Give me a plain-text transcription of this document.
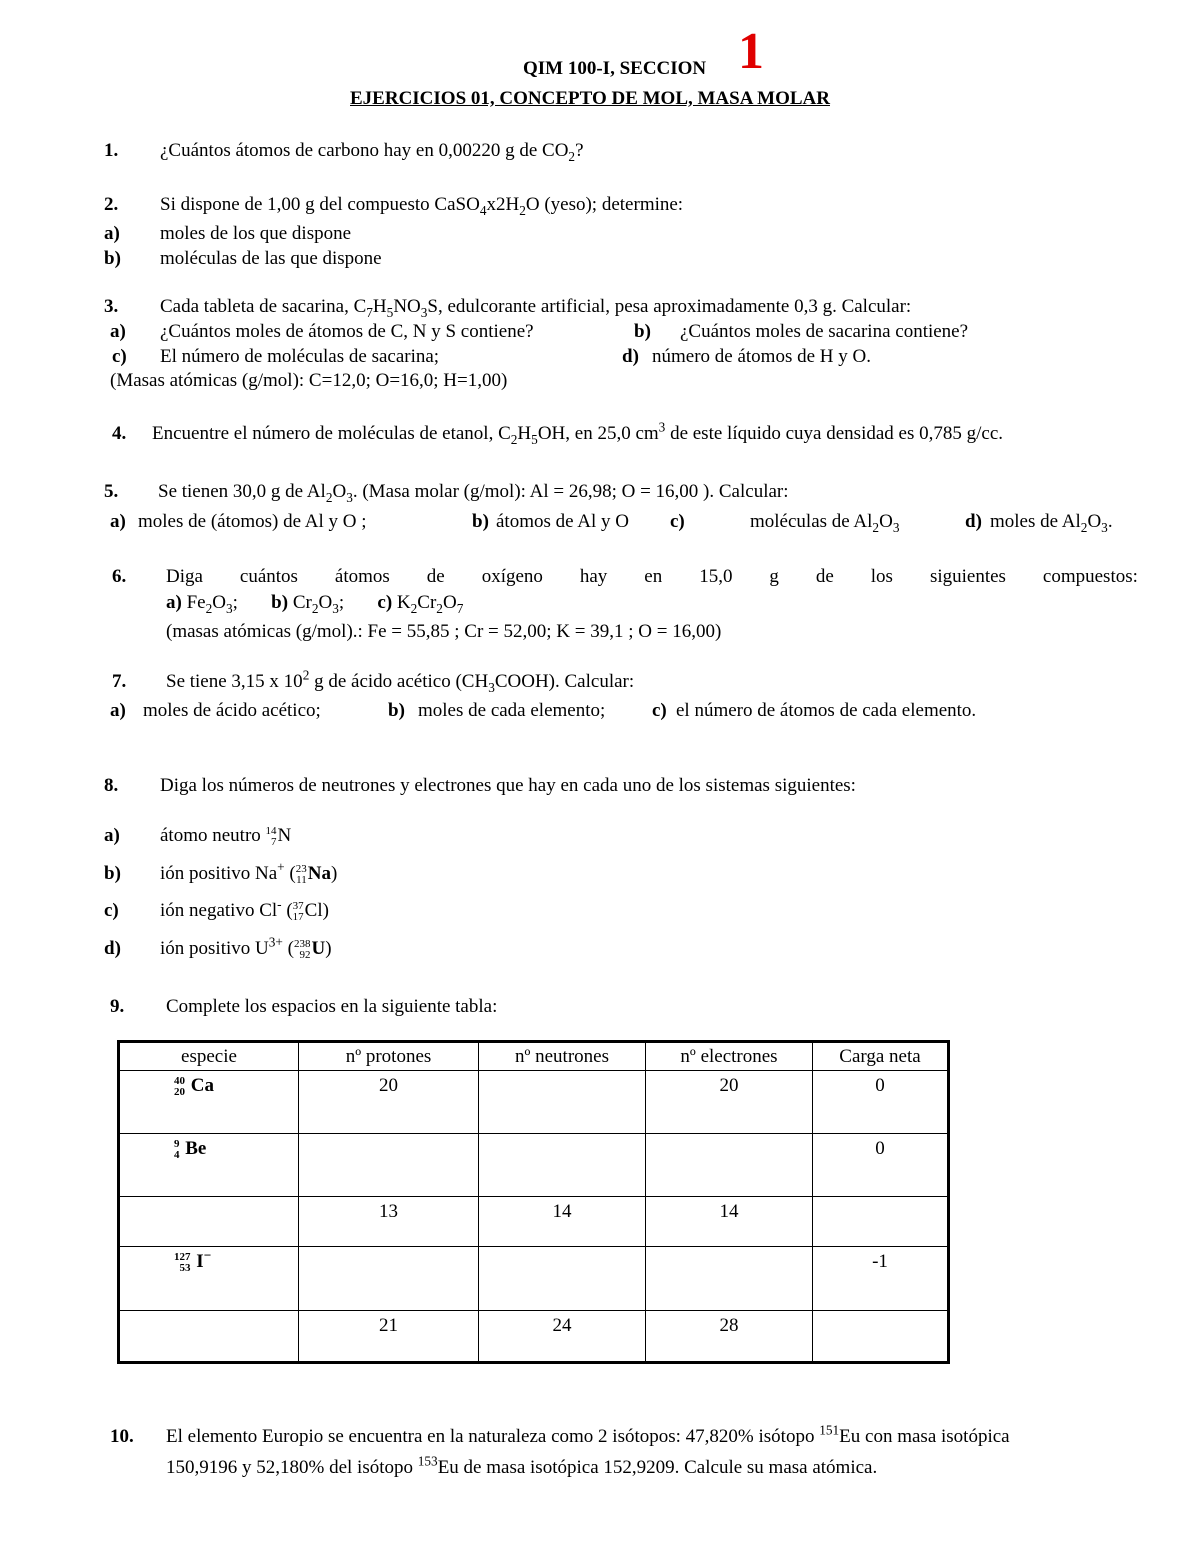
QIM 100-I, SECCION 1
EJERCICIOS 01, CONCEPTO DE MOL, MASA MOLAR
1. ¿Cuántos átomos de carbono hay en 0,00220 g de $CO_2$?
2. Si dispone de 1,00 g del compuesto $CaSO_4x2H_2O$ (yeso); determine:
a) moles de los que dispone
b) moléculas de las que dispone
3. Cada tableta de sacarina, $C_7H_5NO_3S$, edulcorante artificial, pesa aproximadamente 0,3 g. Calcular:
a) ¿Cuántos moles de átomos de C, N y S contiene?	b) ¿Cuántos moles de sacarina contiene?
c) El número de moléculas de sacarina;	d) número de átomos de H y O.
(Masas atómicas (g/mol): C=12,0; O=16,0; H=1,00)
4. Encuentre el número de moléculas de etanol, $C_2H_5OH$, en 25,0 $cm^3$ de este líquido cuya densidad es 0,785 g/cc.
5. Se tienen 30,0 g de $Al_2O_3$. (Masa molar (g/mol): Al = 26,98; O = 16,00 ). Calcular:
a) moles de (átomos) de Al y O ;	b) átomos de Al y O c)	moléculas de $Al_2O_3$	d) moles de $Al_2O_3$.
6. Diga cuántos átomos de oxígeno hay en 15,0 g de los siguientes compuestos:
a) $Fe_2O_3$; b) $Cr_2O_3$; c) $K_2Cr_2O_7$
(masas atómicas (g/mol).: Fe = 55,85 ; Cr = 52,00; K = 39,1 ; O = 16,00)
7. Se tiene 3,15 x $10^2$ g de ácido acético $(CH_3COOH)$. Calcular:
a) moles de ácido acético;	b) moles de cada elemento; c) el número de átomos de cada elemento.
8. Diga los números de neutrones y electrones que hay en cada uno de los sistemas siguientes:
a) átomo neutro 14
7 N
b) ión positivo Na+ ( 23
11 Na)
c) ión negativo Cl- ( 37
17 Cl)
d) ión positivo $U^{3+}$ ( 238
92 U)
9. Complete los espacios en la siguiente tabla:
especie	nº protones	nº neutrones	nº electrones	Carga neta

40
20 Ca	20		20	0

9
4 Be				0
	13	14	14	

127
53 I−				-1
	21	24	28	
10. El elemento Europio se encuentra en la naturaleza como 2 isótopos: 47,820% isótopo $^{151}$Eu con masa isotópica
150,9196 y 52,180% del isótopo $^{153}$Eu de masa isotópica 152,9209. Calcule su masa atómica.
